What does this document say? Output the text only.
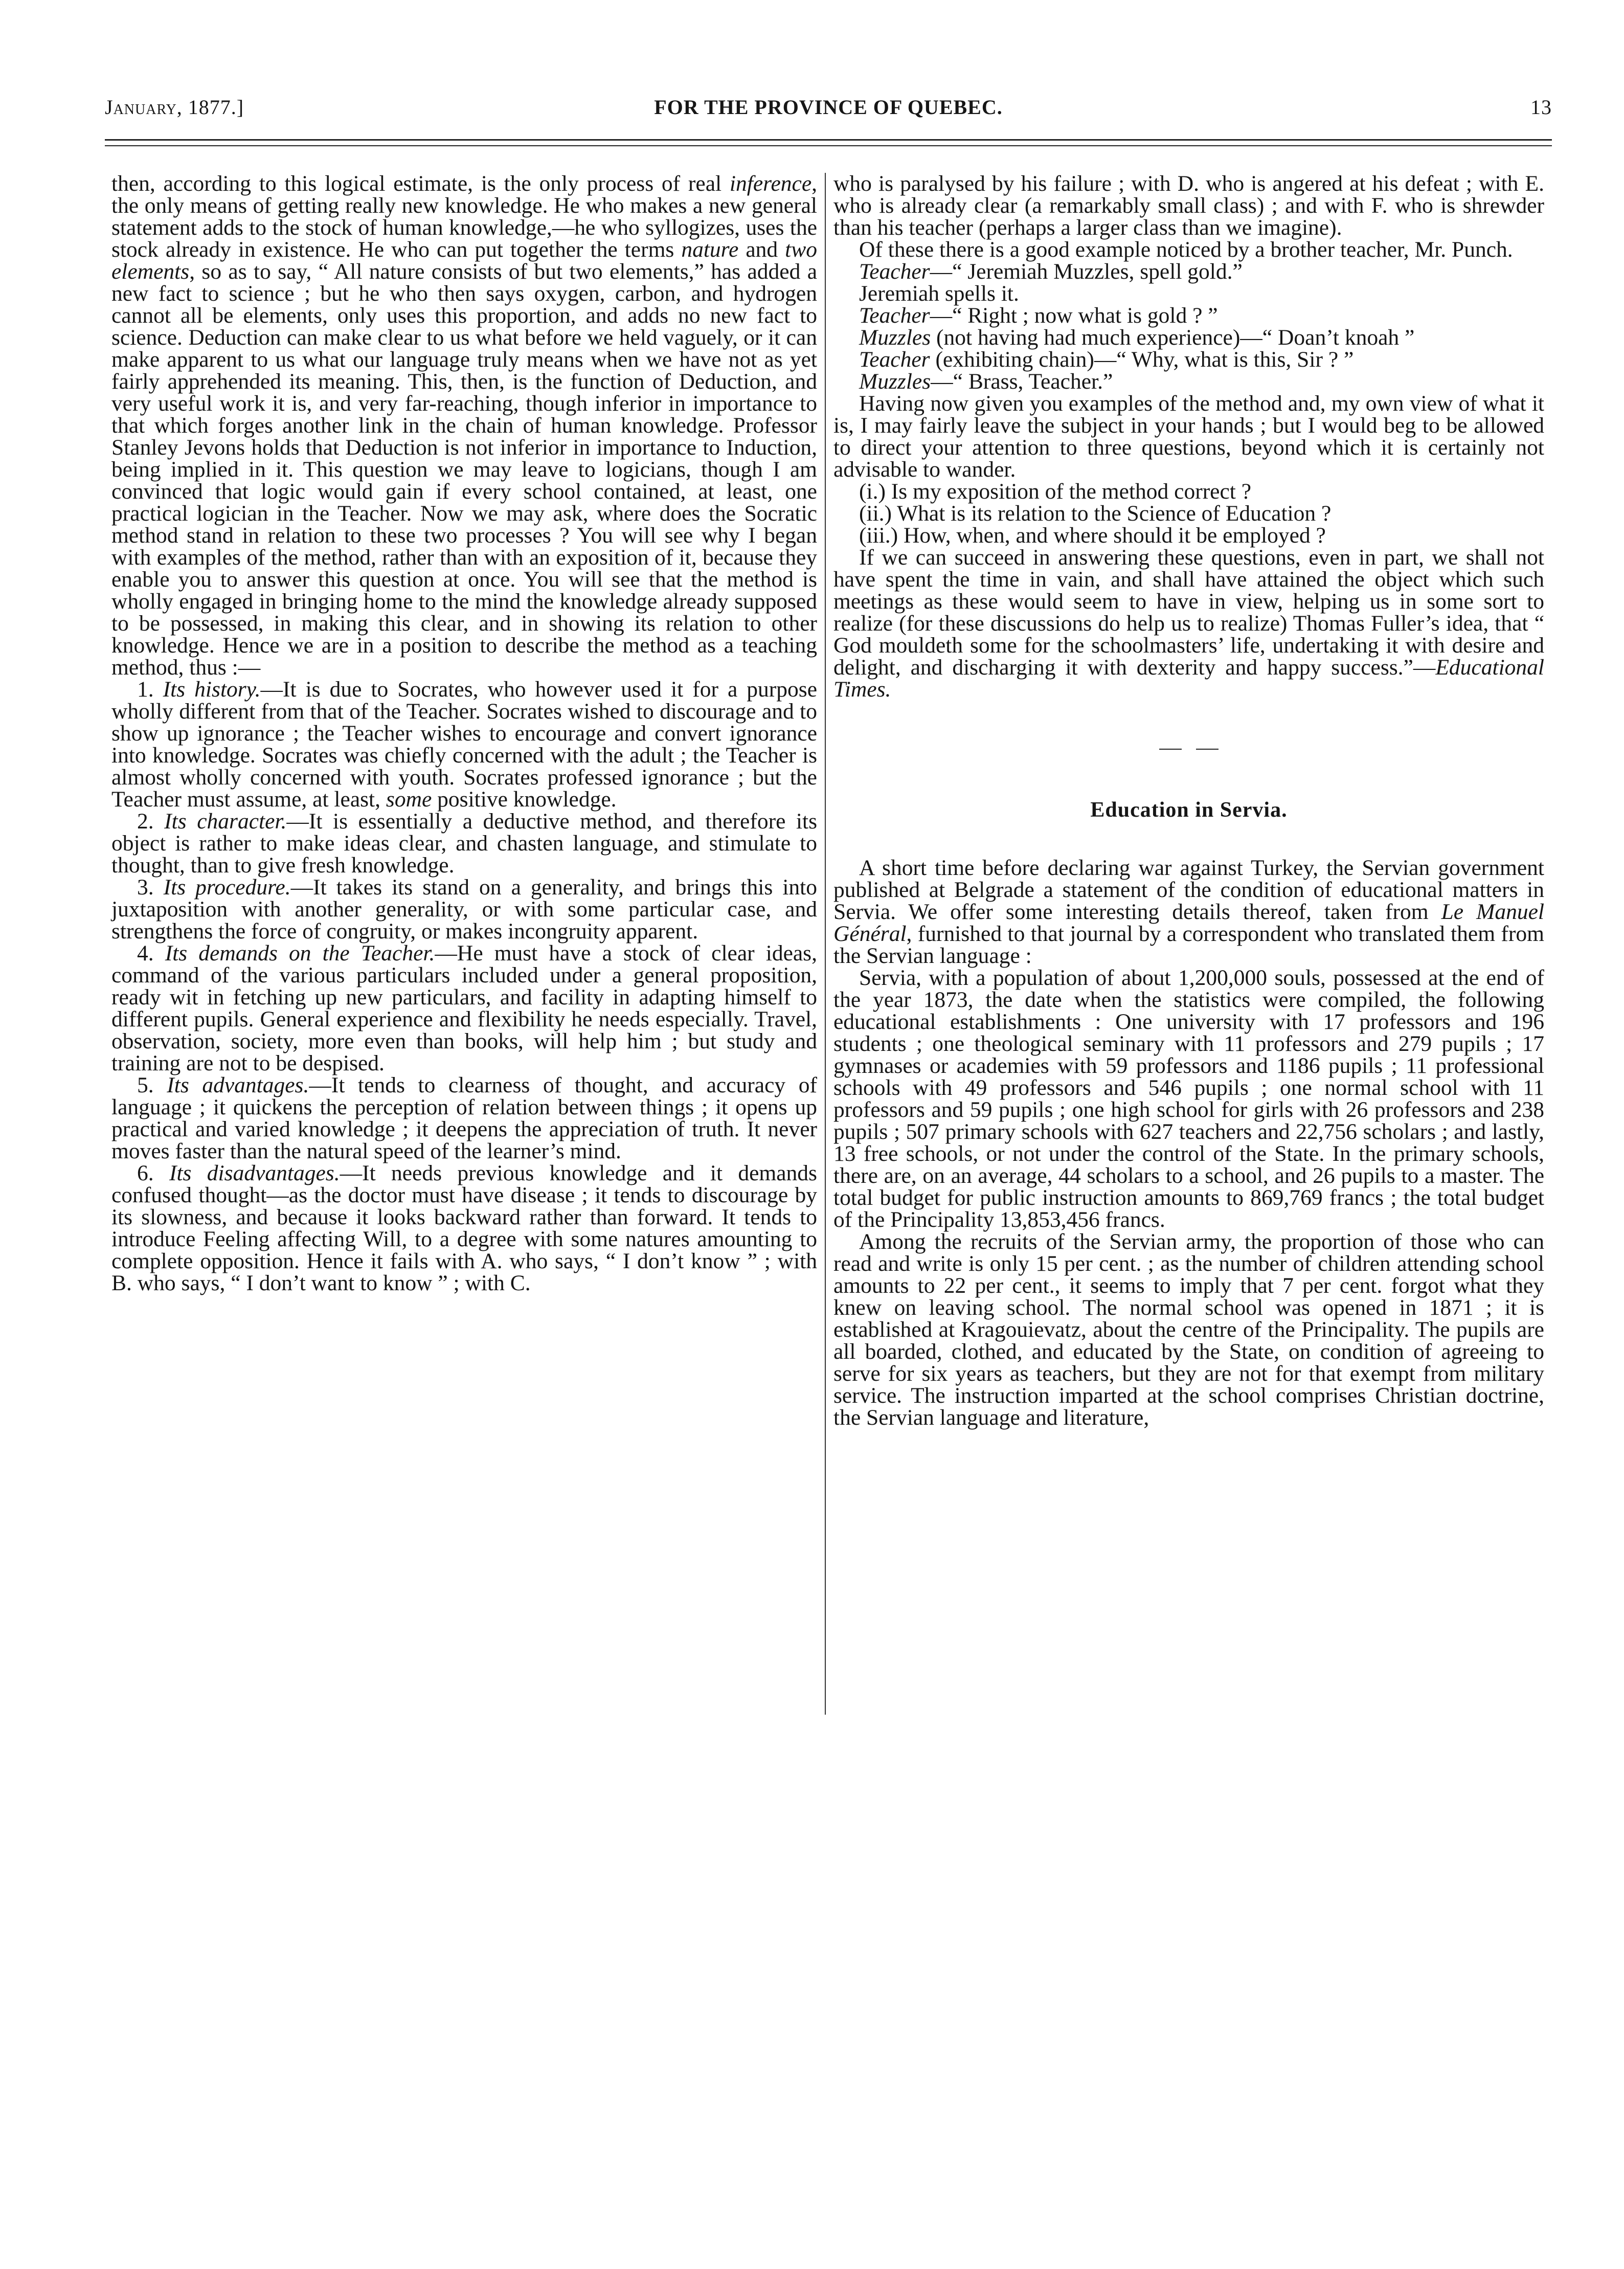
January, 1877.]	FOR THE PROVINCE OF QUEBEC.	13

then, according to this logical estimate, is the only process of real inference, the only means of getting really new knowledge. He who makes a new general statement adds to the stock of human knowledge,—he who syllogizes, uses the stock already in existence. He who can put together the terms nature and two elements, so as to say, “ All nature consists of but two elements,” has added a new fact to science ; but he who then says oxygen, carbon, and hydrogen cannot all be elements, only uses this proportion, and adds no new fact to science. Deduction can make clear to us what before we held vaguely, or it can make apparent to us what our language truly means when we have not as yet fairly apprehended its meaning. This, then, is the function of Deduction, and very useful work it is, and very far-reaching, though inferior in importance to that which forges another link in the chain of human knowledge. Professor Stanley Jevons holds that Deduction is not inferior in importance to Induction, being implied in it. This question we may leave to logicians, though I am convinced that logic would gain if every school contained, at least, one practical logician in the Teacher. Now we may ask, where does the Socratic method stand in relation to these two processes ? You will see why I began with examples of the method, rather than with an exposition of it, because they enable you to answer this question at once. You will see that the method is wholly engaged in bringing home to the mind the knowledge already supposed to be possessed, in making this clear, and in showing its relation to other knowledge. Hence we are in a position to describe the method as a teaching method, thus :—

1. Its history.—It is due to Socrates, who however used it for a purpose wholly different from that of the Teacher. Socrates wished to discourage and to show up ignorance ; the Teacher wishes to encourage and convert ignorance into knowledge. Socrates was chiefly concerned with the adult ; the Teacher is almost wholly concerned with youth. Socrates professed ignorance ; but the Teacher must assume, at least, some positive knowledge.

2. Its character.—It is essentially a deductive method, and therefore its object is rather to make ideas clear, and chasten language, and stimulate to thought, than to give fresh knowledge.

3. Its procedure.—It takes its stand on a generality, and brings this into juxtaposition with another generality, or with some particular case, and strengthens the force of congruity, or makes incongruity apparent.

4. Its demands on the Teacher.—He must have a stock of clear ideas, command of the various particulars included under a general proposition, ready wit in fetching up new particulars, and facility in adapting himself to different pupils. General experience and flexibility he needs especially. Travel, observation, society, more even than books, will help him ; but study and training are not to be despised.

5. Its advantages.—It tends to clearness of thought, and accuracy of language ; it quickens the perception of relation between things ; it opens up practical and varied knowledge ; it deepens the appreciation of truth. It never moves faster than the natural speed of the learner’s mind.

6. Its disadvantages.—It needs previous knowledge and it demands confused thought—as the doctor must have disease ; it tends to discourage by its slowness, and because it looks backward rather than forward. It tends to introduce Feeling affecting Will, to a degree with some natures amounting to complete opposition. Hence it fails with A. who says, “ I don’t know ” ; with B. who says, “ I don’t want to know ” ; with C.

who is paralysed by his failure ; with D. who is angered at his defeat ; with E. who is already clear (a remarkably small class) ; and with F. who is shrewder than his teacher (perhaps a larger class than we imagine).

Of these there is a good example noticed by a brother teacher, Mr. Punch.

Teacher—“ Jeremiah Muzzles, spell gold.”

Jeremiah spells it.

Teacher—“ Right ; now what is gold ? ”

Muzzles (not having had much experience)—“ Doan’t knoah ”

Teacher (exhibiting chain)—“ Why, what is this, Sir ? ”

Muzzles—“ Brass, Teacher.”

Having now given you examples of the method and, my own view of what it is, I may fairly leave the subject in your hands ; but I would beg to be allowed to direct your attention to three questions, beyond which it is certainly not advisable to wander.

(i.) Is my exposition of the method correct ?

(ii.) What is its relation to the Science of Education ?

(iii.) How, when, and where should it be employed ?

If we can succeed in answering these questions, even in part, we shall not have spent the time in vain, and shall have attained the object which such meetings as these would seem to have in view, helping us in some sort to realize (for these discussions do help us to realize) Thomas Fuller’s idea, that “ God mouldeth some for the schoolmasters’ life, undertaking it with desire and delight, and discharging it with dexterity and happy success.”—Educational Times.

Education in Servia.

A short time before declaring war against Turkey, the Servian government published at Belgrade a statement of the condition of educational matters in Servia. We offer some interesting details thereof, taken from Le Manuel Général, furnished to that journal by a correspondent who translated them from the Servian language :

Servia, with a population of about 1,200,000 souls, possessed at the end of the year 1873, the date when the statistics were compiled, the following educational establishments : One university with 17 professors and 196 students ; one theological seminary with 11 professors and 279 pupils ; 17 gymnases or academies with 59 professors and 1186 pupils ; 11 professional schools with 49 professors and 546 pupils ; one normal school with 11 professors and 59 pupils ; one high school for girls with 26 professors and 238 pupils ; 507 primary schools with 627 teachers and 22,756 scholars ; and lastly, 13 free schools, or not under the control of the State. In the primary schools, there are, on an average, 44 scholars to a school, and 26 pupils to a master. The total budget for public instruction amounts to 869,769 francs ; the total budget of the Principality 13,853,456 francs.

Among the recruits of the Servian army, the proportion of those who can read and write is only 15 per cent. ; as the number of children attending school amounts to 22 per cent., it seems to imply that 7 per cent. forgot what they knew on leaving school. The normal school was opened in 1871 ; it is established at Kragouievatz, about the centre of the Principality. The pupils are all boarded, clothed, and educated by the State, on condition of agreeing to serve for six years as teachers, but they are not for that exempt from military service. The instruction imparted at the school comprises Christian doctrine, the Servian language and literature,
